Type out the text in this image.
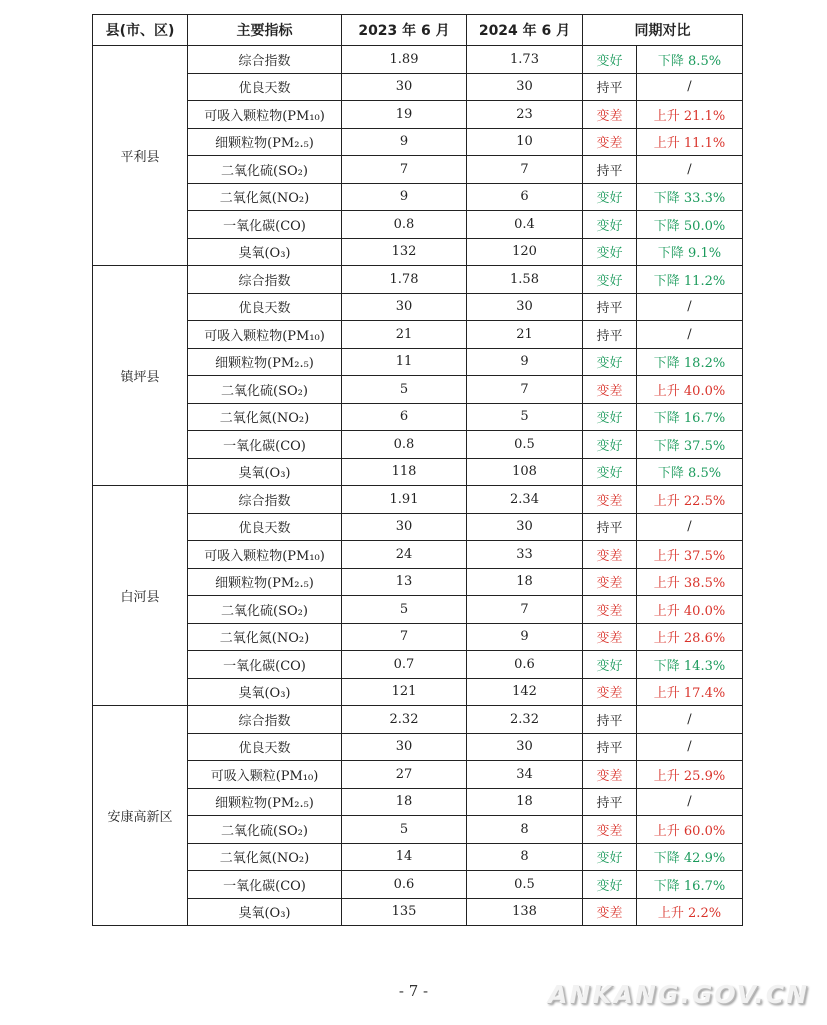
县(市、区)	主要指标	2023 年 6 月	2024 年 6 月	同期对比	
平利县	综合指数	1.89	1.73	变好	下降 8.5%
	优良天数	30	30	持平	/
	可吸入颗粒物(PM₁₀)	19	23	变差	上升 21.1%
	细颗粒物(PM₂.₅)	9	10	变差	上升 11.1%
	二氧化硫(SO₂)	7	7	持平	/
	二氧化氮(NO₂)	9	6	变好	下降 33.3%
	一氧化碳(CO)	0.8	0.4	变好	下降 50.0%
	臭氧(O₃)	132	120	变好	下降 9.1%
镇坪县	综合指数	1.78	1.58	变好	下降 11.2%
	优良天数	30	30	持平	/
	可吸入颗粒物(PM₁₀)	21	21	持平	/
	细颗粒物(PM₂.₅)	11	9	变好	下降 18.2%
	二氧化硫(SO₂)	5	7	变差	上升 40.0%
	二氧化氮(NO₂)	6	5	变好	下降 16.7%
	一氧化碳(CO)	0.8	0.5	变好	下降 37.5%
	臭氧(O₃)	118	108	变好	下降 8.5%
白河县	综合指数	1.91	2.34	变差	上升 22.5%
	优良天数	30	30	持平	/
	可吸入颗粒物(PM₁₀)	24	33	变差	上升 37.5%
	细颗粒物(PM₂.₅)	13	18	变差	上升 38.5%
	二氧化硫(SO₂)	5	7	变差	上升 40.0%
	二氧化氮(NO₂)	7	9	变差	上升 28.6%
	一氧化碳(CO)	0.7	0.6	变好	下降 14.3%
	臭氧(O₃)	121	142	变差	上升 17.4%
安康高新区	综合指数	2.32	2.32	持平	/
	优良天数	30	30	持平	/
	可吸入颗粒(PM₁₀)	27	34	变差	上升 25.9%
	细颗粒物(PM₂.₅)	18	18	持平	/
	二氧化硫(SO₂)	5	8	变差	上升 60.0%
	二氧化氮(NO₂)	14	8	变好	下降 42.9%
	一氧化碳(CO)	0.6	0.5	变好	下降 16.7%
	臭氧(O₃)	135	138	变差	上升 2.2%
- 7 -	ANKANG.GOV.CN
